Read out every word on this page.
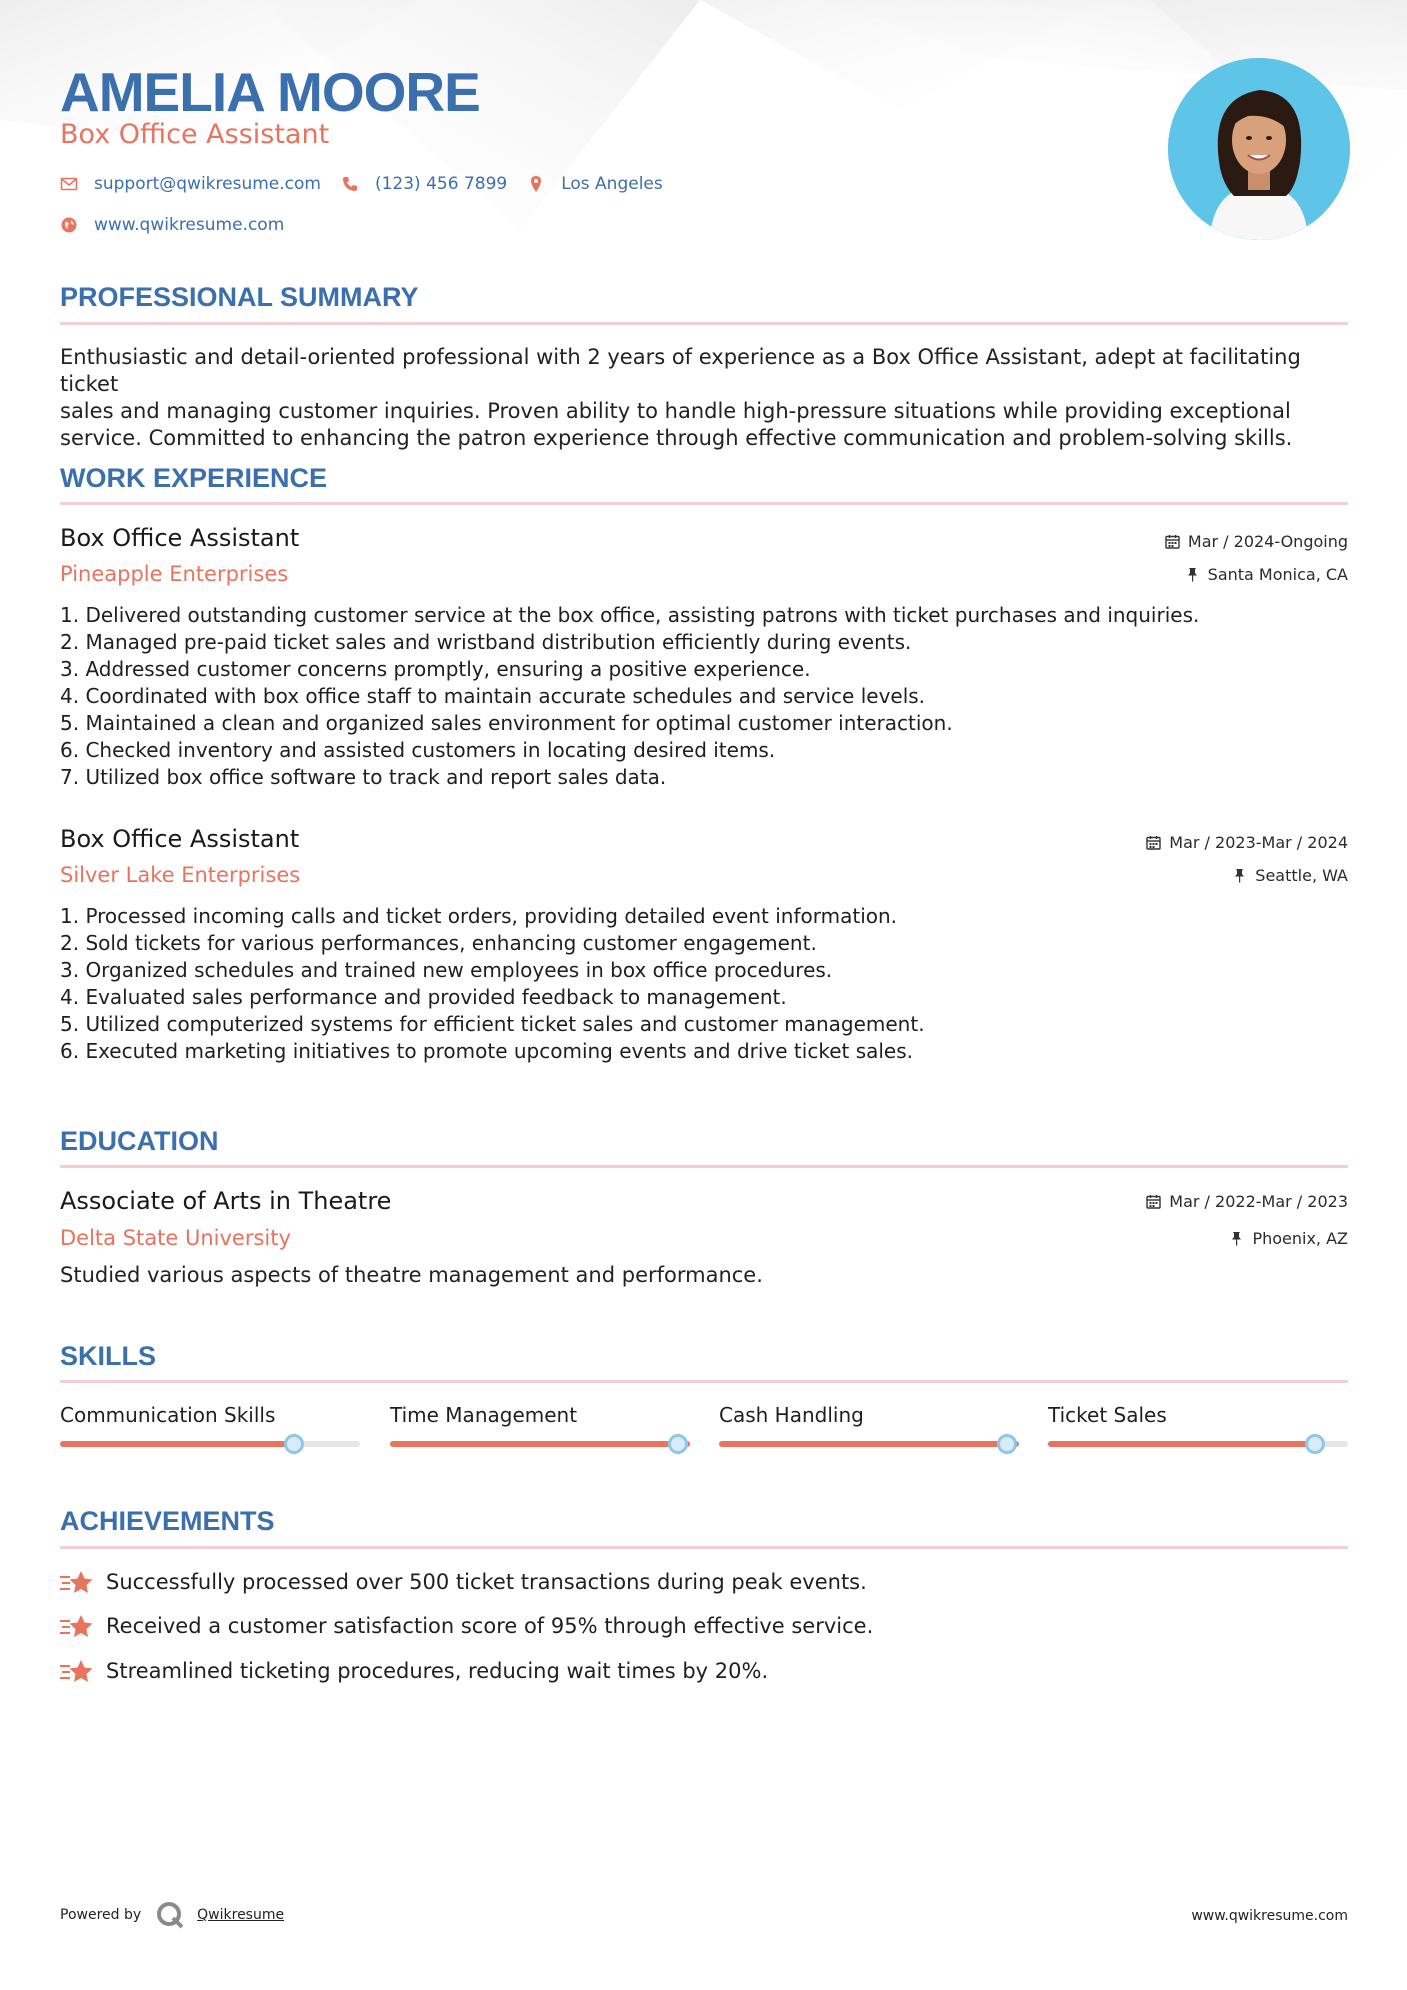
AMELIA MOORE
Box Office Assistant
support@qwikresume.com	(123) 456 7899	Los Angeles
www.qwikresume.com
PROFESSIONAL SUMMARY
Enthusiastic and detail-oriented professional with 2 years of experience as a Box Office Assistant, adept at facilitating ticket
sales and managing customer inquiries. Proven ability to handle high-pressure situations while providing exceptional
service. Committed to enhancing the patron experience through effective communication and problem-solving skills.
WORK EXPERIENCE
Box Office Assistant	Mar / 2024-Ongoing
Pineapple Enterprises	Santa Monica, CA
1. Delivered outstanding customer service at the box office, assisting patrons with ticket purchases and inquiries.
2. Managed pre-paid ticket sales and wristband distribution efficiently during events.
3. Addressed customer concerns promptly, ensuring a positive experience.
4. Coordinated with box office staff to maintain accurate schedules and service levels.
5. Maintained a clean and organized sales environment for optimal customer interaction.
6. Checked inventory and assisted customers in locating desired items.
7. Utilized box office software to track and report sales data.
Box Office Assistant	Mar / 2023-Mar / 2024
Silver Lake Enterprises	Seattle, WA
1. Processed incoming calls and ticket orders, providing detailed event information.
2. Sold tickets for various performances, enhancing customer engagement.
3. Organized schedules and trained new employees in box office procedures.
4. Evaluated sales performance and provided feedback to management.
5. Utilized computerized systems for efficient ticket sales and customer management.
6. Executed marketing initiatives to promote upcoming events and drive ticket sales.
EDUCATION
Associate of Arts in Theatre	Mar / 2022-Mar / 2023
Delta State University	Phoenix, AZ
Studied various aspects of theatre management and performance.
SKILLS
Communication Skills	Time Management	Cash Handling	Ticket Sales
ACHIEVEMENTS
Successfully processed over 500 ticket transactions during peak events.
Received a customer satisfaction score of 95% through effective service.
Streamlined ticketing procedures, reducing wait times by 20%.
Powered by	Qwikresume	www.qwikresume.com
